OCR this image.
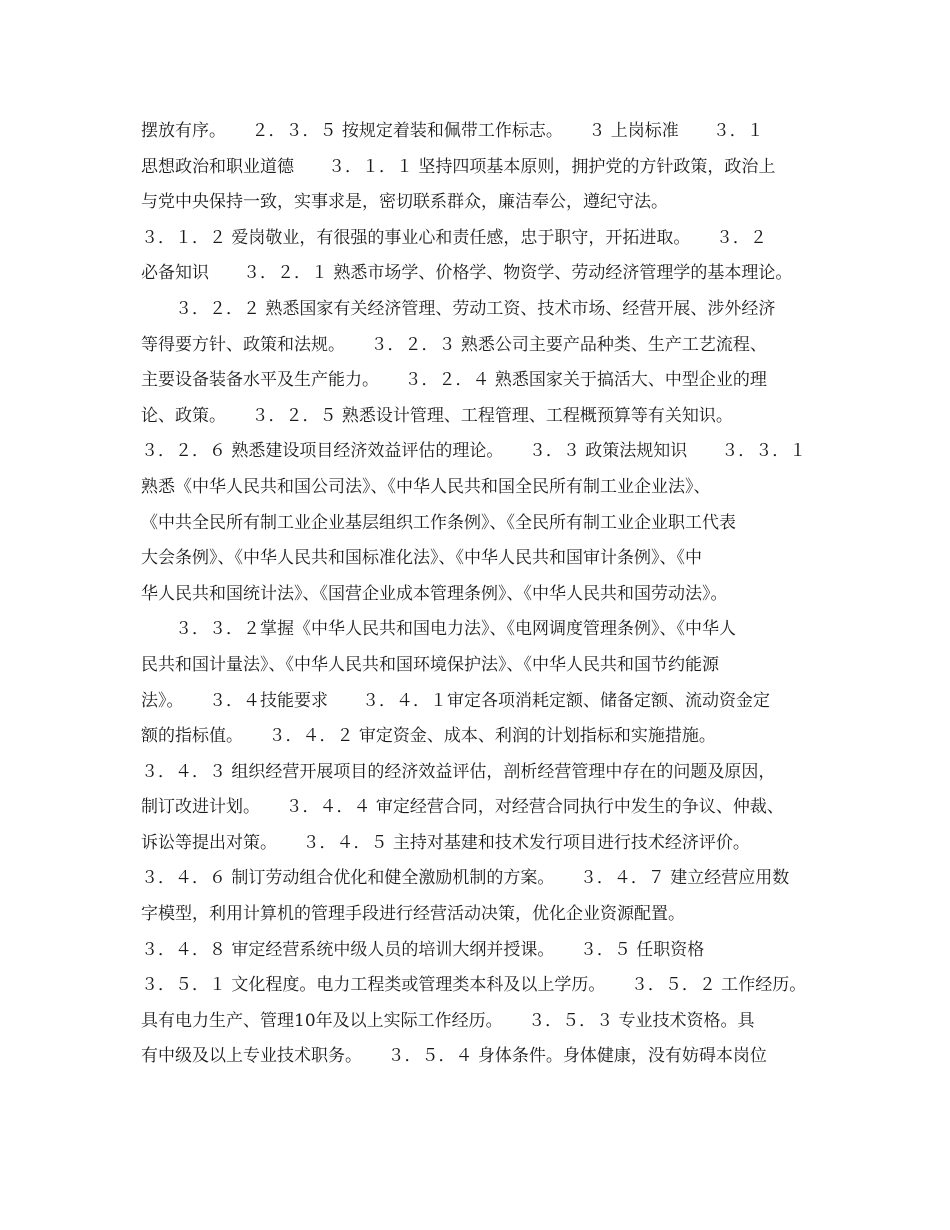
摆放有序。　　２．３．５ 按规定着装和佩带工作标志。　　３ 上岗标准　　３．１
思想政治和职业道德　　３．１．１ 坚持四项基本原则，拥护党的方针政策，政治上
与党中央保持一致，实事求是，密切联系群众，廉洁奉公，遵纪守法。
３．１．２ 爱岗敬业，有很强的事业心和责任感，忠于职守，开拓进取。　　３．２
必备知识　　３．２．１ 熟悉市场学、价格学、物资学、劳动经济管理学的基本理论。
　　３．２．２ 熟悉国家有关经济管理、劳动工资、技术市场、经营开展、涉外经济
等得要方针、政策和法规。　　３．２．３ 熟悉公司主要产品种类、生产工艺流程、
主要设备装备水平及生产能力。　　３．２．４ 熟悉国家关于搞活大、中型企业的理
论、政策。　　３．２．５ 熟悉设计管理、工程管理、工程概预算等有关知识。
３．２．６ 熟悉建设项目经济效益评估的理论。　　３．３ 政策法规知识　　３．３．１
熟悉《中华人民共和国公司法》、《中华人民共和国全民所有制工业企业法》、
《中共全民所有制工业企业基层组织工作条例》、《全民所有制工业企业职工代表
大会条例》、《中华人民共和国标准化法》、《中华人民共和国审计条例》、《中
华人民共和国统计法》、《国营企业成本管理条例》、《中华人民共和国劳动法》。
　　３．３．２掌握《中华人民共和国电力法》、《电网调度管理条例》、《中华人
民共和国计量法》、《中华人民共和国环境保护法》、《中华人民共和国节约能源
法》。　　３．４技能要求　　３．４．１审定各项消耗定额、储备定额、流动资金定
额的指标值。　　３．４．２ 审定资金、成本、利润的计划指标和实施措施。
３．４．３ 组织经营开展项目的经济效益评估，剖析经营管理中存在的问题及原因，
制订改进计划。　　３．４．４ 审定经营合同，对经营合同执行中发生的争议、仲裁、
诉讼等提出对策。　　３．４．５ 主持对基建和技术发行项目进行技术经济评价。
３．４．６ 制订劳动组合优化和健全激励机制的方案。　　３．４．７ 建立经营应用数
字模型，利用计算机的管理手段进行经营活动决策，优化企业资源配置。
３．４．８ 审定经营系统中级人员的培训大纲并授课。　　３．５ 任职资格
３．５．１ 文化程度。电力工程类或管理类本科及以上学历。　　３．５．２ 工作经历。
具有电力生产、管理10年及以上实际工作经历。　　３．５．３ 专业技术资格。具
有中级及以上专业技术职务。　　３．５．４ 身体条件。身体健康，没有妨碍本岗位
